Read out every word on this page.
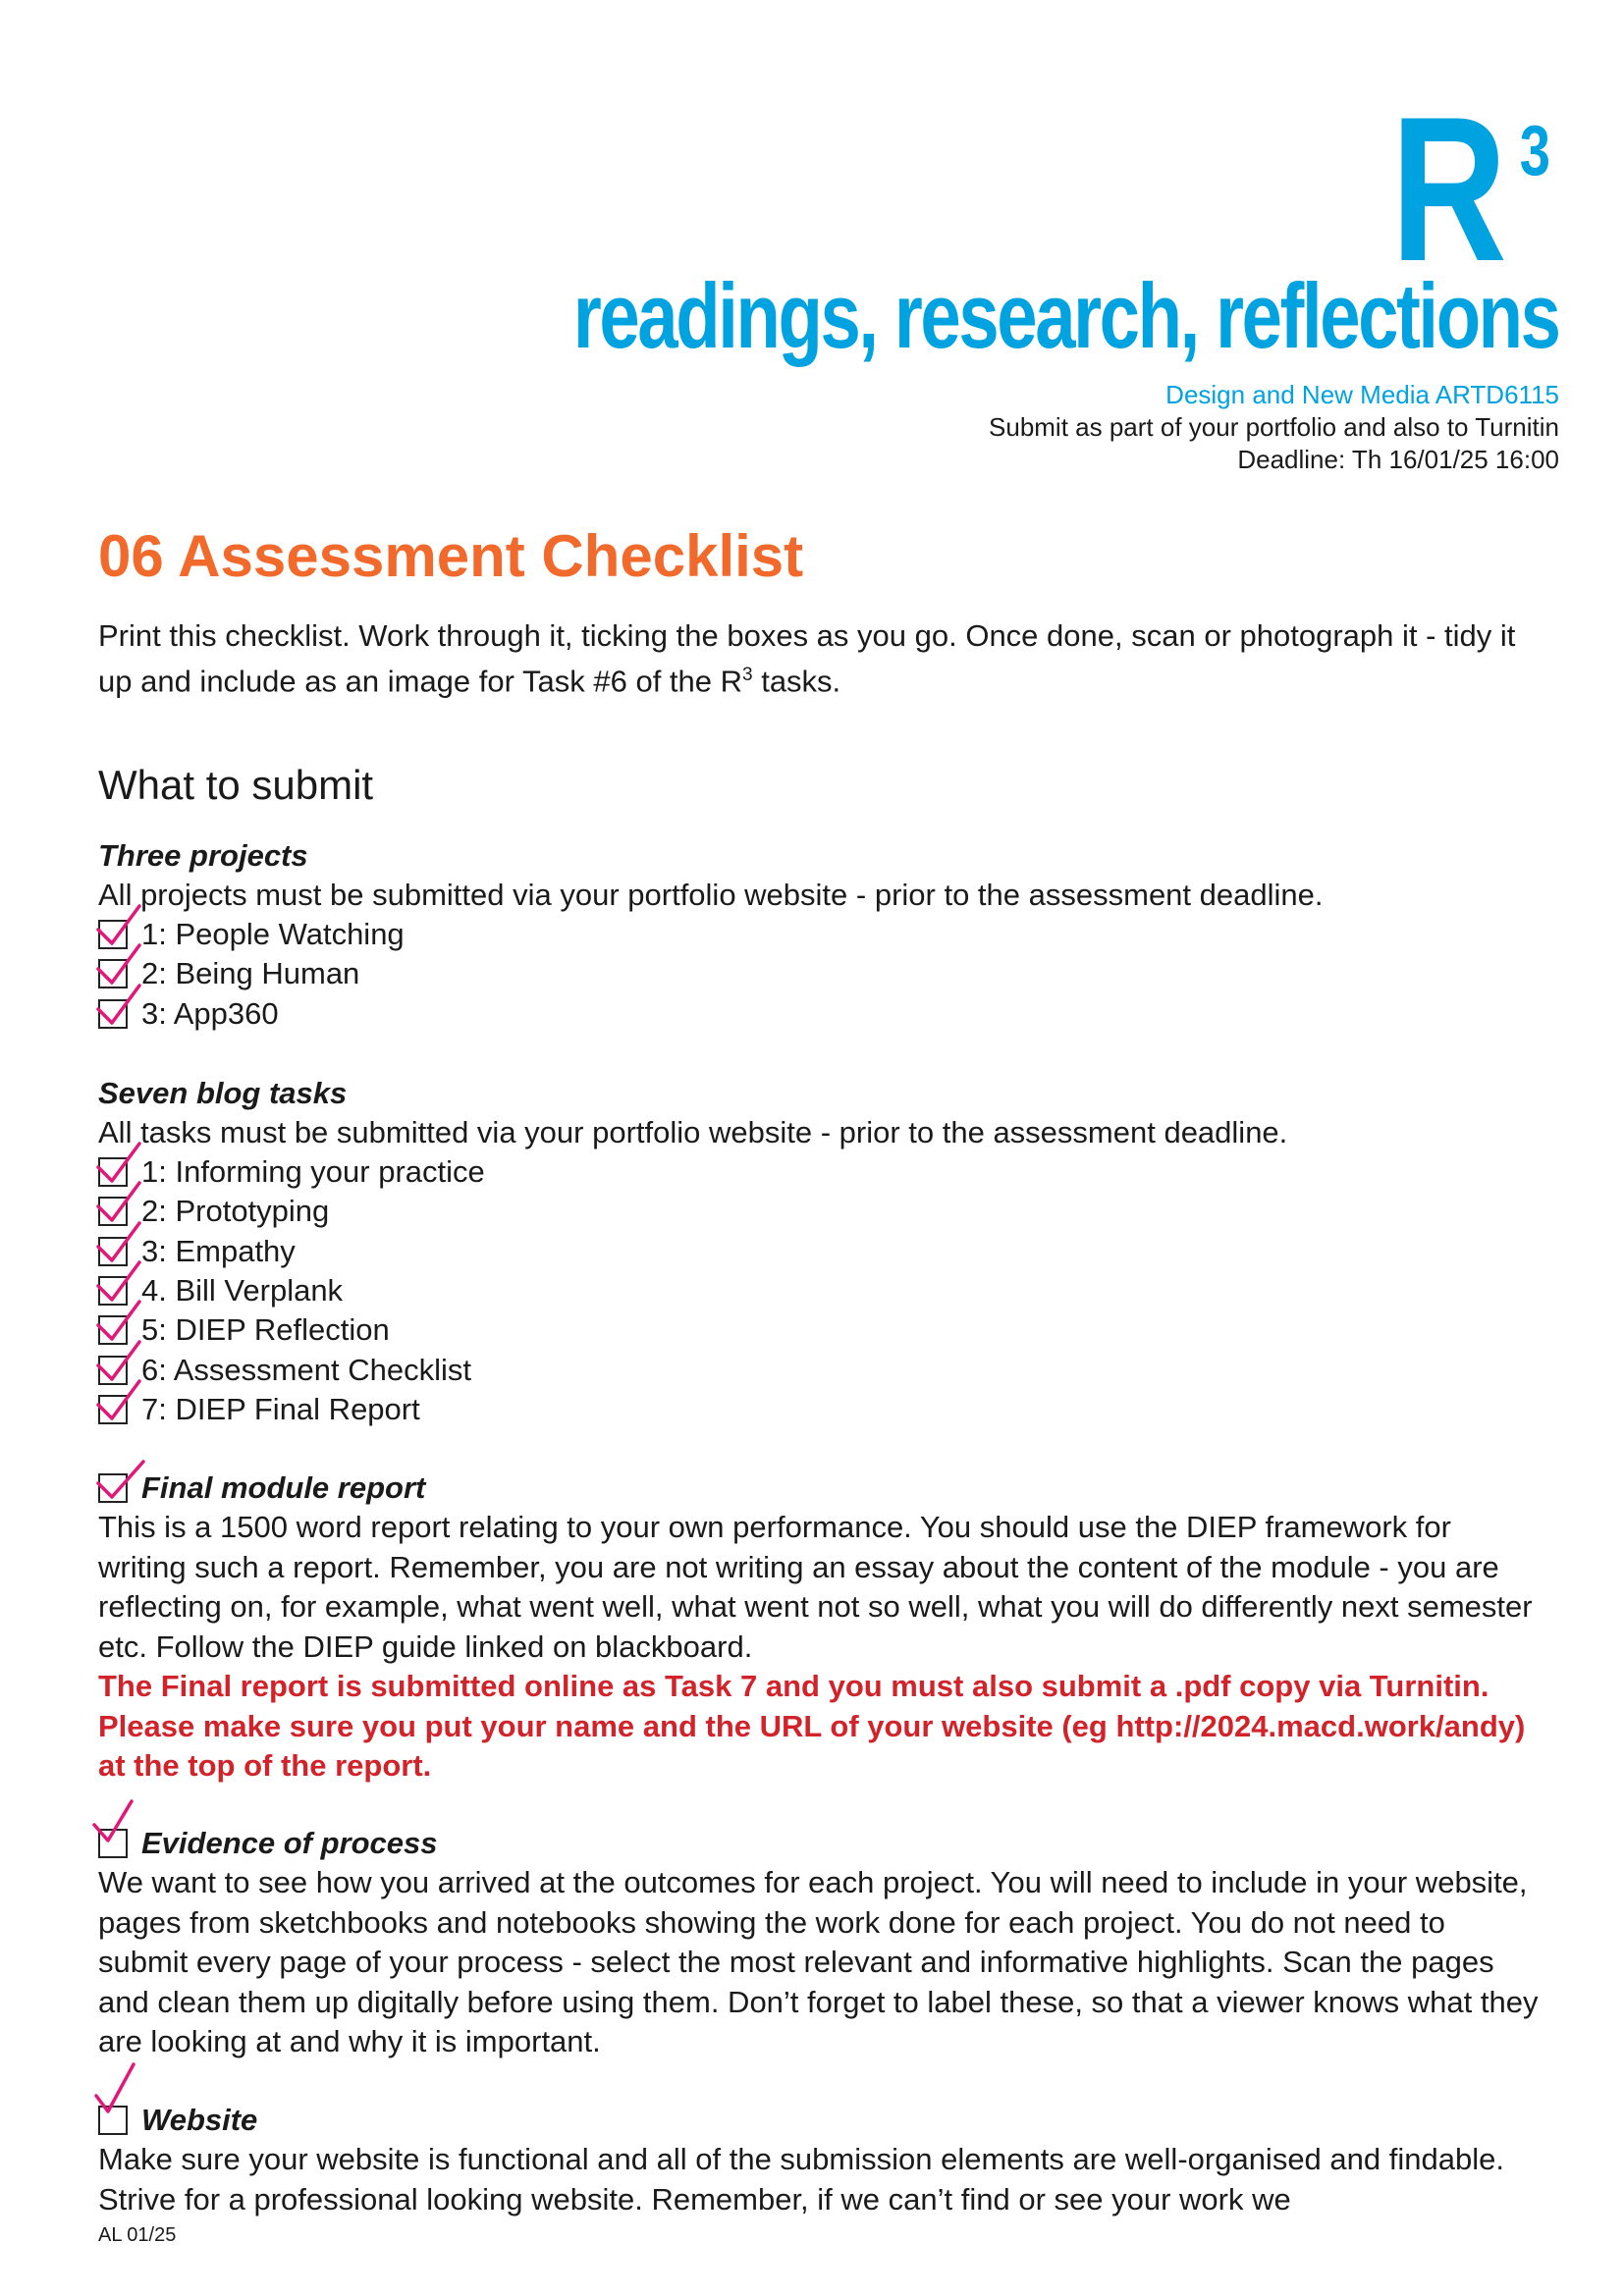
R 3
readings, research, reflections
Design and New Media ARTD6115
Submit as part of your portfolio and also to Turnitin
Deadline: Th 16/01/25 16:00
06 Assessment Checklist
Print this checklist. Work through it, ticking the boxes as you go. Once done, scan or photograph it - tidy it up and include as an image for Task #6 of the $R^3$ tasks.
What to submit
Three projects
All projects must be submitted via your portfolio website - prior to the assessment deadline.
1: People Watching
2: Being Human
3: App360
Seven blog tasks
All tasks must be submitted via your portfolio website - prior to the assessment deadline.
1: Informing your practice
2: Prototyping
3: Empathy
4. Bill Verplank
5: DIEP Reflection
6: Assessment Checklist
7: DIEP Final Report
Final module report
This is a 1500 word report relating to your own performance. You should use the DIEP framework for writing such a report. Remember, you are not writing an essay about the content of the module - you are reflecting on, for example, what went well, what went not so well, what you will do differently next semester etc. Follow the DIEP guide linked on blackboard.
The Final report is submitted online as Task 7 and you must also submit a .pdf copy via Turnitin. Please make sure you put your name and the URL of your website (eg http://2024.macd.work/andy) at the top of the report.
Evidence of process
We want to see how you arrived at the outcomes for each project. You will need to include in your website, pages from sketchbooks and notebooks showing the work done for each project. You do not need to submit every page of your process - select the most relevant and informative highlights. Scan the pages and clean them up digitally before using them. Don’t forget to label these, so that a viewer knows what they are looking at and why it is important.
Website
Make sure your website is functional and all of the submission elements are well-organised and findable. Strive for a professional looking website. Remember, if we can’t find or see your work we
AL 01/25
